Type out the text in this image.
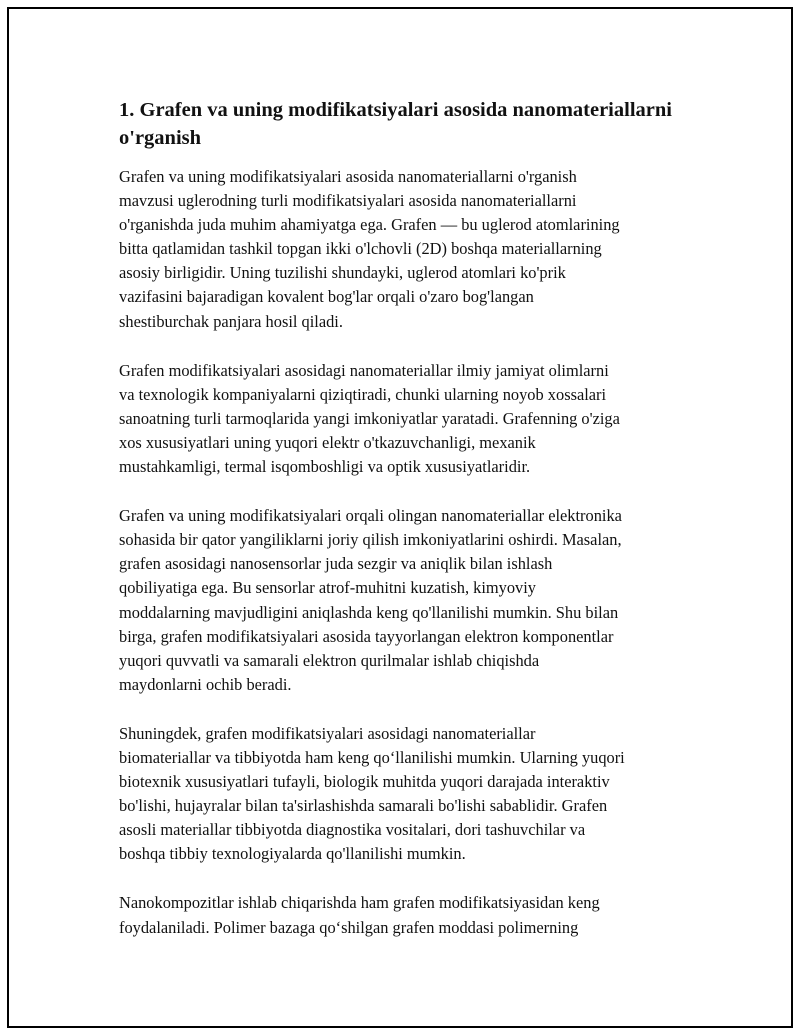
1. Grafen va uning modifikatsiyalari asosida nanomateriallarni o'rganish

Grafen va uning modifikatsiyalari asosida nanomateriallarni o'rganish
mavzusi uglerodning turli modifikatsiyalari asosida nanomateriallarni
o'rganishda juda muhim ahamiyatga ega. Grafen — bu uglerod atomlarining
bitta qatlamidan tashkil topgan ikki o'lchovli (2D) boshqa materiallarning
asosiy birligidir. Uning tuzilishi shundayki, uglerod atomlari ko'prik
vazifasini bajaradigan kovalent bog'lar orqali o'zaro bog'langan
shestiburchak panjara hosil qiladi.

Grafen modifikatsiyalari asosidagi nanomateriallar ilmiy jamiyat olimlarni
va texnologik kompaniyalarni qiziqtiradi, chunki ularning noyob xossalari
sanoatning turli tarmoqlarida yangi imkoniyatlar yaratadi. Grafenning o'ziga
xos xususiyatlari uning yuqori elektr o'tkazuvchanligi, mexanik
mustahkamligi, termal isqomboshligi va optik xususiyatlaridir.

Grafen va uning modifikatsiyalari orqali olingan nanomateriallar elektronika
sohasida bir qator yangiliklarni joriy qilish imkoniyatlarini oshirdi. Masalan,
grafen asosidagi nanosensorlar juda sezgir va aniqlik bilan ishlash
qobiliyatiga ega. Bu sensorlar atrof-muhitni kuzatish, kimyoviy
moddalarning mavjudligini aniqlashda keng qo'llanilishi mumkin. Shu bilan
birga, grafen modifikatsiyalari asosida tayyorlangan elektron komponentlar
yuqori quvvatli va samarali elektron qurilmalar ishlab chiqishda
maydonlarni ochib beradi.

Shuningdek, grafen modifikatsiyalari asosidagi nanomateriallar
biomateriallar va tibbiyotda ham keng qo‘llanilishi mumkin. Ularning yuqori
biotexnik xususiyatlari tufayli, biologik muhitda yuqori darajada interaktiv
bo'lishi, hujayralar bilan ta'sirlashishda samarali bo'lishi sababli​dir. Grafen
asosli materiallar tibbiyotda diagnostika vositalari, dori tashuvchilar va
boshqa tibbiy texnologiyalarda qo'llanilishi mumkin.

Nanokompozitlar ishlab chiqarishda ham grafen modifikatsiyasidan keng
foydalaniladi. Polimer bazaga qo‘shilgan grafen moddasi polimerning
